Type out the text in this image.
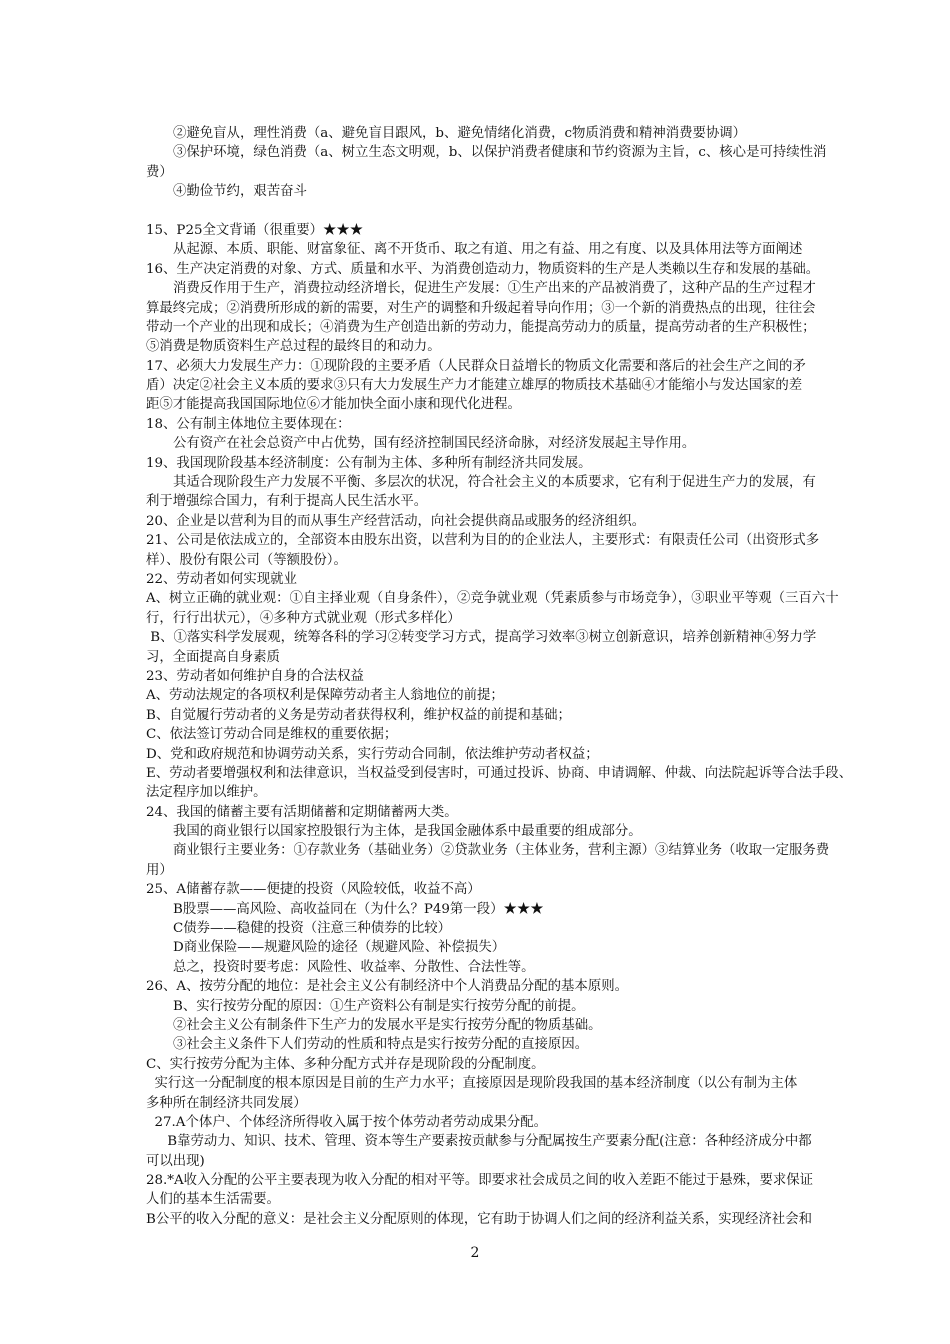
②避免盲从，理性消费（a、避免盲目跟风，b、避免情绪化消费，c物质消费和精神消费要协调）
③保护环境，绿色消费（a、树立生态文明观，b、以保护消费者健康和节约资源为主旨，c、核心是可持续性消
费）
④勤俭节约，艰苦奋斗
15、P25全文背诵（很重要）★★★
从起源、本质、职能、财富象征、离不开货币、取之有道、用之有益、用之有度、以及具体用法等方面阐述
16、生产决定消费的对象、方式、质量和水平、为消费创造动力，物质资料的生产是人类赖以生存和发展的基础。
消费反作用于生产，消费拉动经济增长，促进生产发展：①生产出来的产品被消费了，这种产品的生产过程才
算最终完成；②消费所形成的新的需要，对生产的调整和升级起着导向作用；③一个新的消费热点的出现，往往会
带动一个产业的出现和成长；④消费为生产创造出新的劳动力，能提高劳动力的质量，提高劳动者的生产积极性；
⑤消费是物质资料生产总过程的最终目的和动力。
17、必须大力发展生产力：①现阶段的主要矛盾（人民群众日益增长的物质文化需要和落后的社会生产之间的矛
盾）决定②社会主义本质的要求③只有大力发展生产力才能建立雄厚的物质技术基础④才能缩小与发达国家的差
距⑤才能提高我国国际地位⑥才能加快全面小康和现代化进程。
18、公有制主体地位主要体现在：
公有资产在社会总资产中占优势，国有经济控制国民经济命脉，对经济发展起主导作用。
19、我国现阶段基本经济制度：公有制为主体、多种所有制经济共同发展。
其适合现阶段生产力发展不平衡、多层次的状况，符合社会主义的本质要求，它有利于促进生产力的发展，有
利于增强综合国力，有利于提高人民生活水平。
20、企业是以营利为目的而从事生产经营活动，向社会提供商品或服务的经济组织。
21、公司是依法成立的，全部资本由股东出资，以营利为目的的企业法人，主要形式：有限责任公司（出资形式多
样）、股份有限公司（等额股份）。
22、劳动者如何实现就业
A、树立正确的就业观：①自主择业观（自身条件），②竞争就业观（凭素质参与市场竞争），③职业平等观（三百六十
行，行行出状元），④多种方式就业观（形式多样化）
B、①落实科学发展观，统筹各科的学习②转变学习方式，提高学习效率③树立创新意识，培养创新精神④努力学
习，全面提高自身素质
23、劳动者如何维护自身的合法权益
A、劳动法规定的各项权利是保障劳动者主人翁地位的前提；
B、自觉履行劳动者的义务是劳动者获得权利，维护权益的前提和基础；
C、依法签订劳动合同是维权的重要依据；
D、党和政府规范和协调劳动关系，实行劳动合同制，依法维护劳动者权益；
E、劳动者要增强权利和法律意识，当权益受到侵害时，可通过投诉、协商、申请调解、仲裁、向法院起诉等合法手段、
法定程序加以维护。
24、我国的储蓄主要有活期储蓄和定期储蓄两大类。
我国的商业银行以国家控股银行为主体，是我国金融体系中最重要的组成部分。
商业银行主要业务：①存款业务（基础业务）②贷款业务（主体业务，营利主源）③结算业务（收取一定服务费
用）
25、A储蓄存款——便捷的投资（风险较低，收益不高）
B股票——高风险、高收益同在（为什么？P49第一段）★★★
C债券——稳健的投资（注意三种债券的比较）
D商业保险——规避风险的途径（规避风险、补偿损失）
总之，投资时要考虑：风险性、收益率、分散性、合法性等。
26、A、按劳分配的地位：是社会主义公有制经济中个人消费品分配的基本原则。
B、实行按劳分配的原因：①生产资料公有制是实行按劳分配的前提。
②社会主义公有制条件下生产力的发展水平是实行按劳分配的物质基础。
③社会主义条件下人们劳动的性质和特点是实行按劳分配的直接原因。
C、实行按劳分配为主体、多种分配方式并存是现阶段的分配制度。
实行这一分配制度的根本原因是目前的生产力水平；直接原因是现阶段我国的基本经济制度（以公有制为主体
多种所在制经济共同发展）
27.A个体户、个体经济所得收入属于按个体劳动者劳动成果分配。
B靠劳动力、知识、技术、管理、资本等生产要素按贡献参与分配属按生产要素分配(注意：各种经济成分中都
可以出现)
28.*A收入分配的公平主要表现为收入分配的相对平等。即要求社会成员之间的收入差距不能过于悬殊，要求保证
人们的基本生活需要。
B公平的收入分配的意义：是社会主义分配原则的体现，它有助于协调人们之间的经济利益关系，实现经济社会和
2
